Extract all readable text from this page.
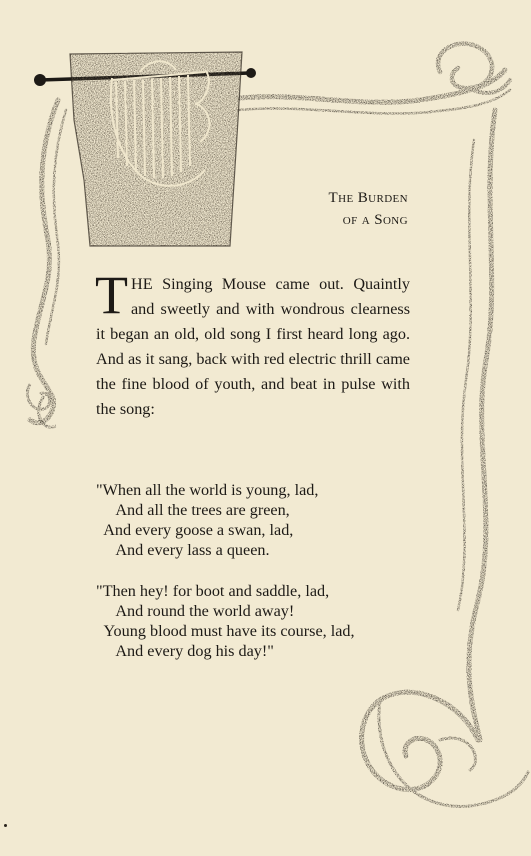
The Burden
of a Song

THE Singing Mouse came out. Quaintly and sweetly and with wondrous clearness it began an old, old song I first heard long ago. And as it sang, back with red electric thrill came the fine blood of youth, and beat in pulse with the song:

"When all the world is young, lad,
And all the trees are green,
And every goose a swan, lad,
And every lass a queen.
"Then hey! for boot and saddle, lad,
And round the world away!
Young blood must have its course, lad,
And every dog his day!"
